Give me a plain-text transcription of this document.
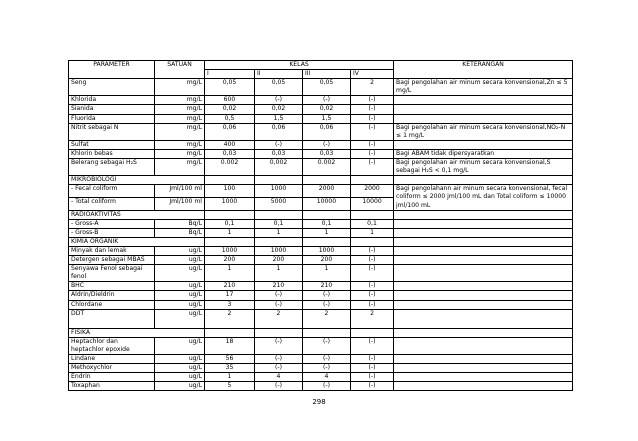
PARAMETER	SATUAN	KELAS				KETERANGAN
		I	II	III	IV	
Seng	mg/L	0,05	0,05	0,05	2	Bagi pengolahan air minum secara konvensional,Zn ≤ 5 mg/L
Khlorida	mg/L	600	(-)	(-)	(-)	
Sianida	mg/L	0,02	0,02	0,02	(-)	
Fluorida	mg/L	0,5	1,5	1,5	(-)	
Nitrit sebagai N	mg/L	0,06	0,06	0,06	(-)	Bagi pengolahan air minum secara konvensional,NO₂-N ≤ 1 mg/L
Sulfat	mg/L	400	(-)	(-)	(-)	
Khlorin bebas	mg/L	0,03	0,03	0,03	(-)	Bagi ABAM tidak dipersyaratkan
Belerang sebagai H₂S	mg/L	0.002	0,002	0.002	(-)	Bagi pengolahan air minum secara konvensional,S sebagai H₂S < 0,1 mg/L
MIKROBIOLOGI						
- Fecal coliform	Jml/100 ml	100	1000	2000	2000	Bagi pengolahann air minum secara konvensional, fecal coliform ≤ 2000 jml/100 mL dan Total coliform ≤ 10000 jml/100 mL
- Total coliform	Jml/100 ml	1000	5000	10000	10000	
RADIOAKTIVITAS						
- Gross-A	Bq/L	0,1	0,1	0,1	0,1	
- Gross-B	Bq/L	1	1	1	1	
KIMIA ORGANIK						
Minyak dan lemak	ug/L	1000	1000	1000	(-)	
Detergen sebagai MBAS	ug/L	200	200	200	(-)	
Senyawa Fenol sebagai fenol	ug/L	1	1	1	(-)	
BHC	ug/L	210	210	210	(-)	
Aldrin/Dieldrin	ug/L	17	(-)	(-)	(-)	
Chlordane	ug/L	3	(-)	(-)	(-)	
DDT	ug/L	2	2	2	2	
FISIKA						
Heptachlor dan heptachlor epoxide	ug/L	18	(-)	(-)	(-)	
Lindane	ug/L	56	(-)	(-)	(-)	
Methoxychlor	ug/L	35	(-)	(-)	(-)	
Endrin	ug/L	1	4	4	(-)	
Toxaphan	ug/L	5	(-)	(-)	(-)	
298
